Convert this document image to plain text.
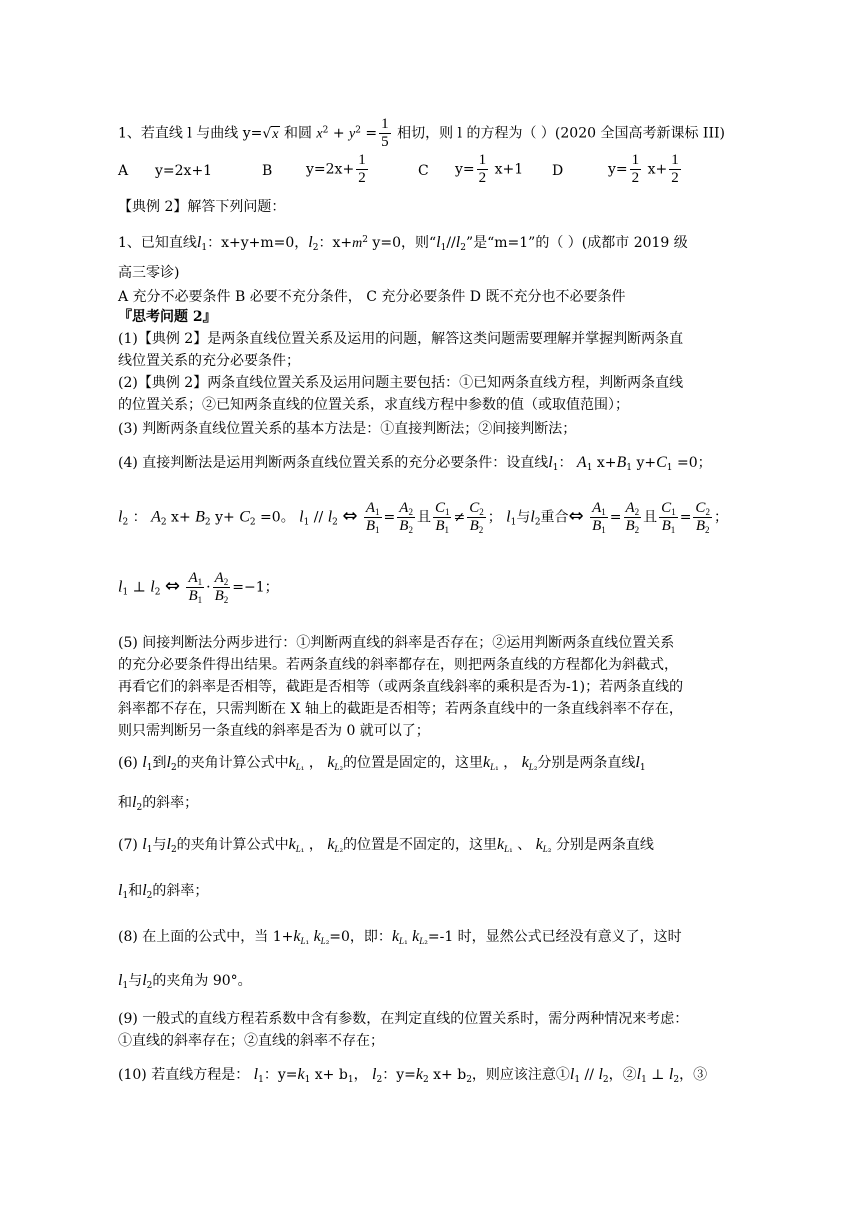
1、若直线 l 与曲线 y=√x 和圆 $x^2 + y^2 = \frac{1}{5}$ 相切，则 l 的方程为（ ）(2020 全国高考新课标 III)
A y=2x+1	B $y=2x+ \frac{1}{2}$	C $y= \frac{1}{2} x+1$ D	$y= \frac{1}{2} x+ \frac{1}{2}$
【典例 2】解答下列问题：
1、已知直线$l_1$：x+y+m=0，$l_2$：$x+m^2$ y=0，则“$l_1//l_2$”是“m=1”的（ ）(成都市 2019 级
高三零诊)
A 充分不必要条件 B 必要不充分条件， C 充分必要条件 D 既不充分也不必要条件
『思考问题 2』
(1)【典例 2】是两条直线位置关系及运用的问题，解答这类问题需要理解并掌握判断两条直
线位置关系的充分必要条件；
(2)【典例 2】两条直线位置关系及运用问题主要包括：①已知两条直线方程，判断两条直线
的位置关系；②已知两条直线的位置关系，求直线方程中参数的值（或取值范围）；
(3) 判断两条直线位置关系的基本方法是：①直接判断法；②间接判断法；
(4) 直接判断法是运用判断两条直线位置关系的充分必要条件：设直线$l_1$： $A_1$ $x+B_1$ $y+C_1 =0$；
$l_2$ ： $A_2$ $x+ B_2$ $y+ C_2 =0$。 $l_1 // l_2$ ⇔ $\frac{A_1}{B_1} = \frac{A_2}{B_2}$ 且 $\frac{C_1}{B_1} \ne \frac{C_2}{B_2}$ ； $l_1$与$l_2$重合⇔ $\frac{A_1}{B_1} = \frac{A_2}{B_2}$ 且 $\frac{C_1}{B_1} = \frac{C_2}{B_2}$ ；
$l_1$ ⊥ $l_2$ ⇔ $\frac{A_1}{B_1} \cdot \frac{A_2}{B_2} =-1$；
(5) 间接判断法分两步进行：①判断两直线的斜率是否存在；②运用判断两条直线位置关系
的充分必要条件得出结果。若两条直线的斜率都存在，则把两条直线的方程都化为斜截式，
再看它们的斜率是否相等，截距是否相等（或两条直线斜率的乘积是否为-1)；若两条直线的
斜率都不存在，只需判断在 X 轴上的截距是否相等；若两条直线中的一条直线斜率不存在，
则只需判断另一条直线的斜率是否为 0 就可以了；
(6) $l_1$到$l_2$的夹角计算公式中$k_{L_1}$ ， $k_{L_2}$的位置是固定的，这里$k_{L_1}$ ， $k_{L_2}$分别是两条直线$l_1$
和$l_2$的斜率；
(7) $l_1$与$l_2$的夹角计算公式中$k_{L_1}$ ， $k_{L_2}$的位置是不固定的，这里$k_{L_1}$ 、 $k_{L_2}$ 分别是两条直线
$l_1$和$l_2$的斜率；
(8) 在上面的公式中，当 $1+k_{L_1}$ $k_{L_2}=0$，即：$k_{L_1}$ $k_{L_2}=-1$ 时，显然公式已经没有意义了，这时
$l_1$与$l_2$的夹角为 90°。
(9) 一般式的直线方程若系数中含有参数，在判定直线的位置关系时，需分两种情况来考虑：
①直线的斜率存在；②直线的斜率不存在；
(10) 若直线方程是： $l_1$：$y=k_1$ $x+ b_1$， $l_2$：$y=k_2$ $x+ b_2$，则应该注意$①l_1 // l_2$，$②l_1$ ⊥ $l_2$，③
